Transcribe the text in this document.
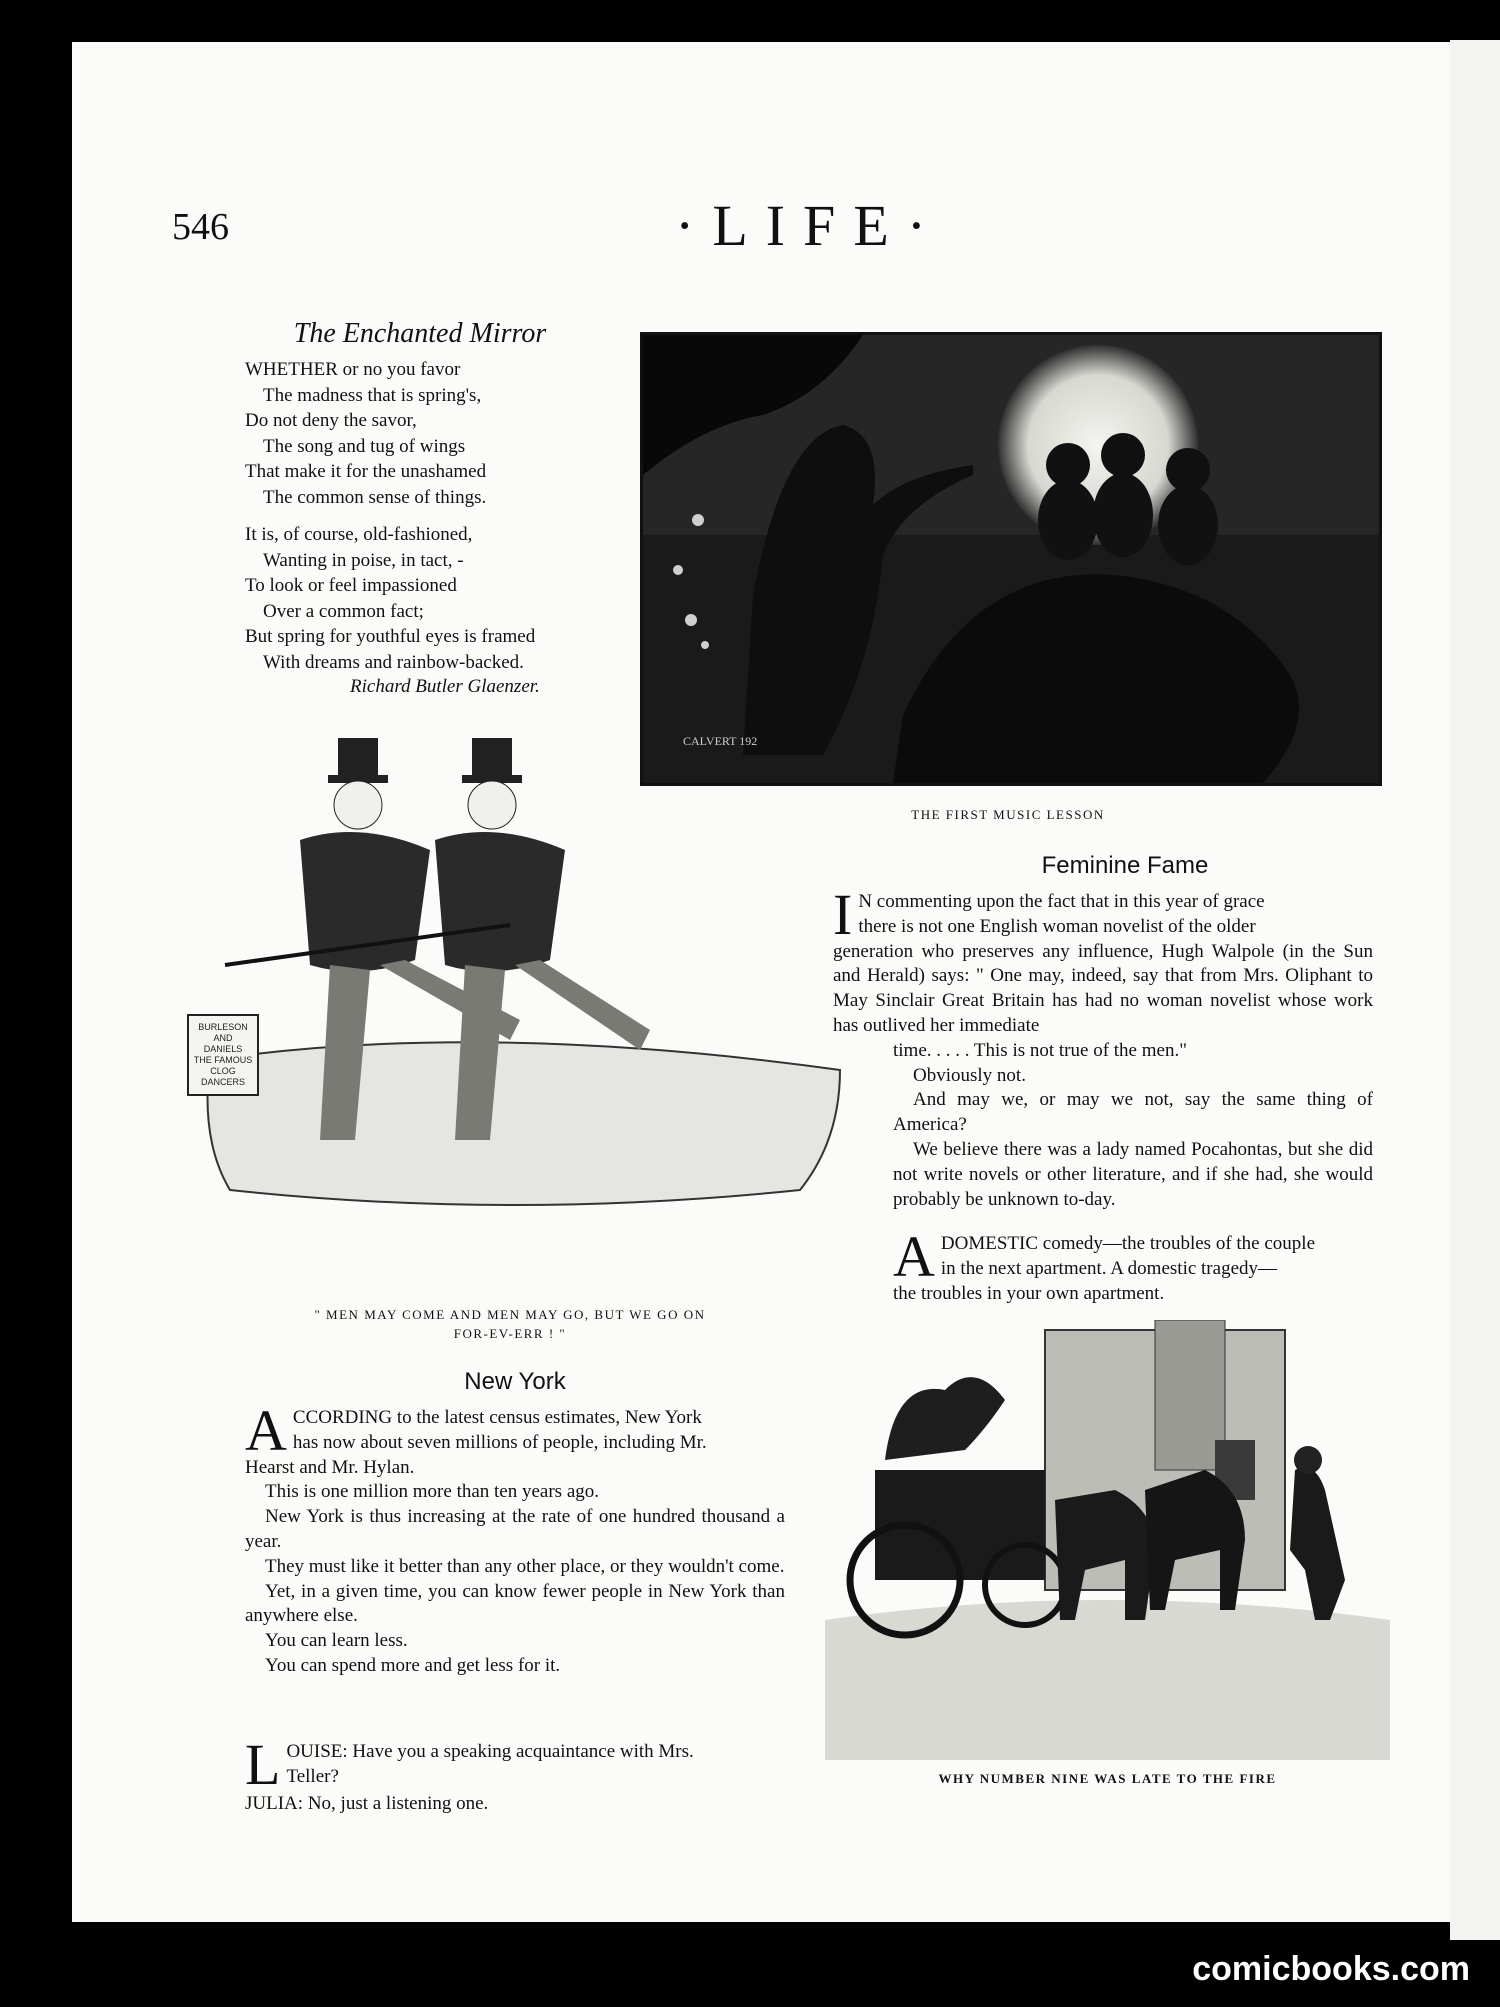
546	·LIFE·
The Enchanted Mirror
WHETHER or no you favor
The madness that is spring's,
Do not deny the savor,
The song and tug of wings
That make it for the unashamed
The common sense of things.
It is, of course, old-fashioned,
Wanting in poise, in tact, -
To look or feel impassioned
Over a common fact;
But spring for youthful eyes is framed
With dreams and rainbow-backed.
Richard Butler Glaenzer.
CALVERT 192
THE FIRST MUSIC LESSON
BURLESON
AND
DANIELS
THE FAMOUS
CLOG
DANCERS
" MEN MAY COME AND MEN MAY GO, BUT WE GO ON
FOR-EV-ERR ! "
New York
A CCORDING to the latest census estimates, New York
has now about seven millions of people, including Mr.

Hearst and Mr. Hylan.

This is one million more than ten years ago.

New York is thus increasing at the rate of one hundred thousand a year.

They must like it better than any other place, or they wouldn't come.

Yet, in a given time, you can know fewer people in New York than anywhere else.

You can learn less.

You can spend more and get less for it.

L OUISE: Have you a speaking acquaintance with Mrs.
Teller?
JULIA: No, just a listening one.
Feminine Fame
I N commenting upon the fact that in this year of grace
there is not one English woman novelist of the older

generation who preserves any influence, Hugh Walpole (in the Sun and Herald) says: " One may, indeed, say that from Mrs. Oliphant to May Sinclair Great Britain has had no woman novelist whose work has outlived her immediate

time. . . . . This is not true of the men."

Obviously not.

And may we, or may we not, say the same thing of America?

We believe there was a lady named Pocahontas, but she did not write novels or other literature, and if she had, she would probably be unknown to-day.

A DOMESTIC comedy—the troubles of the couple
in the next apartment. A domestic tragedy—
the troubles in your own apartment.
WHY NUMBER NINE WAS LATE TO THE FIRE
comicbooks.com
